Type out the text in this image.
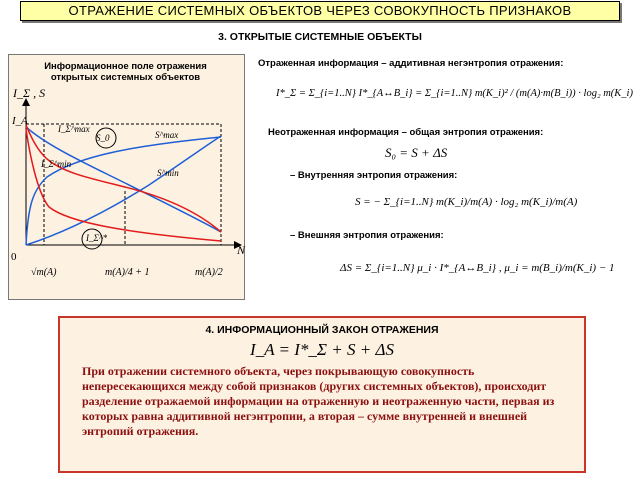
ОТРАЖЕНИЕ СИСТЕМНЫХ ОБЪЕКТОВ ЧЕРЕЗ СОВОКУПНОСТЬ ПРИЗНАКОВ
3. ОТКРЫТЫЕ СИСТЕМНЫЕ ОБЪЕКТЫ
Информационное поле отражения открытых системных объектов
I_Σ , S
I_A
N
0
I_Σ^max
S_0	S^max
I_Σ^min
S^min
I_Σ^*
√m(A)	m(A)/4 + 1	m(A)/2
Отраженная информация – аддитивная негэнтропия отражения:
I*_Σ = Σ_{i=1..N} I*_{A↔B_i} = Σ_{i=1..N} m(K_i)² / (m(A)·m(B_i)) · log₂ m(K_i)
Неотраженная информация – общая энтропия отражения:
S₀ = S + ΔS
– Внутренняя энтропия отражения:
S = − Σ_{i=1..N} m(K_i)/m(A) · log₂ m(K_i)/m(A)
– Внешняя энтропия отражения:
ΔS = Σ_{i=1..N} μ_i · I*_{A↔B_i} , μ_i = m(B_i)/m(K_i) − 1
4. ИНФОРМАЦИОННЫЙ ЗАКОН ОТРАЖЕНИЯ
I_A = I*_Σ + S + ΔS
При отражении системного объекта, через покрывающую совокупность непересекающихся между собой признаков (других системных объектов), происходит разделение отражаемой информации на отраженную и неотраженную части, первая из которых равна аддитивной негэнтропии, а вторая – сумме внутренней и внешней энтропий отражения.
